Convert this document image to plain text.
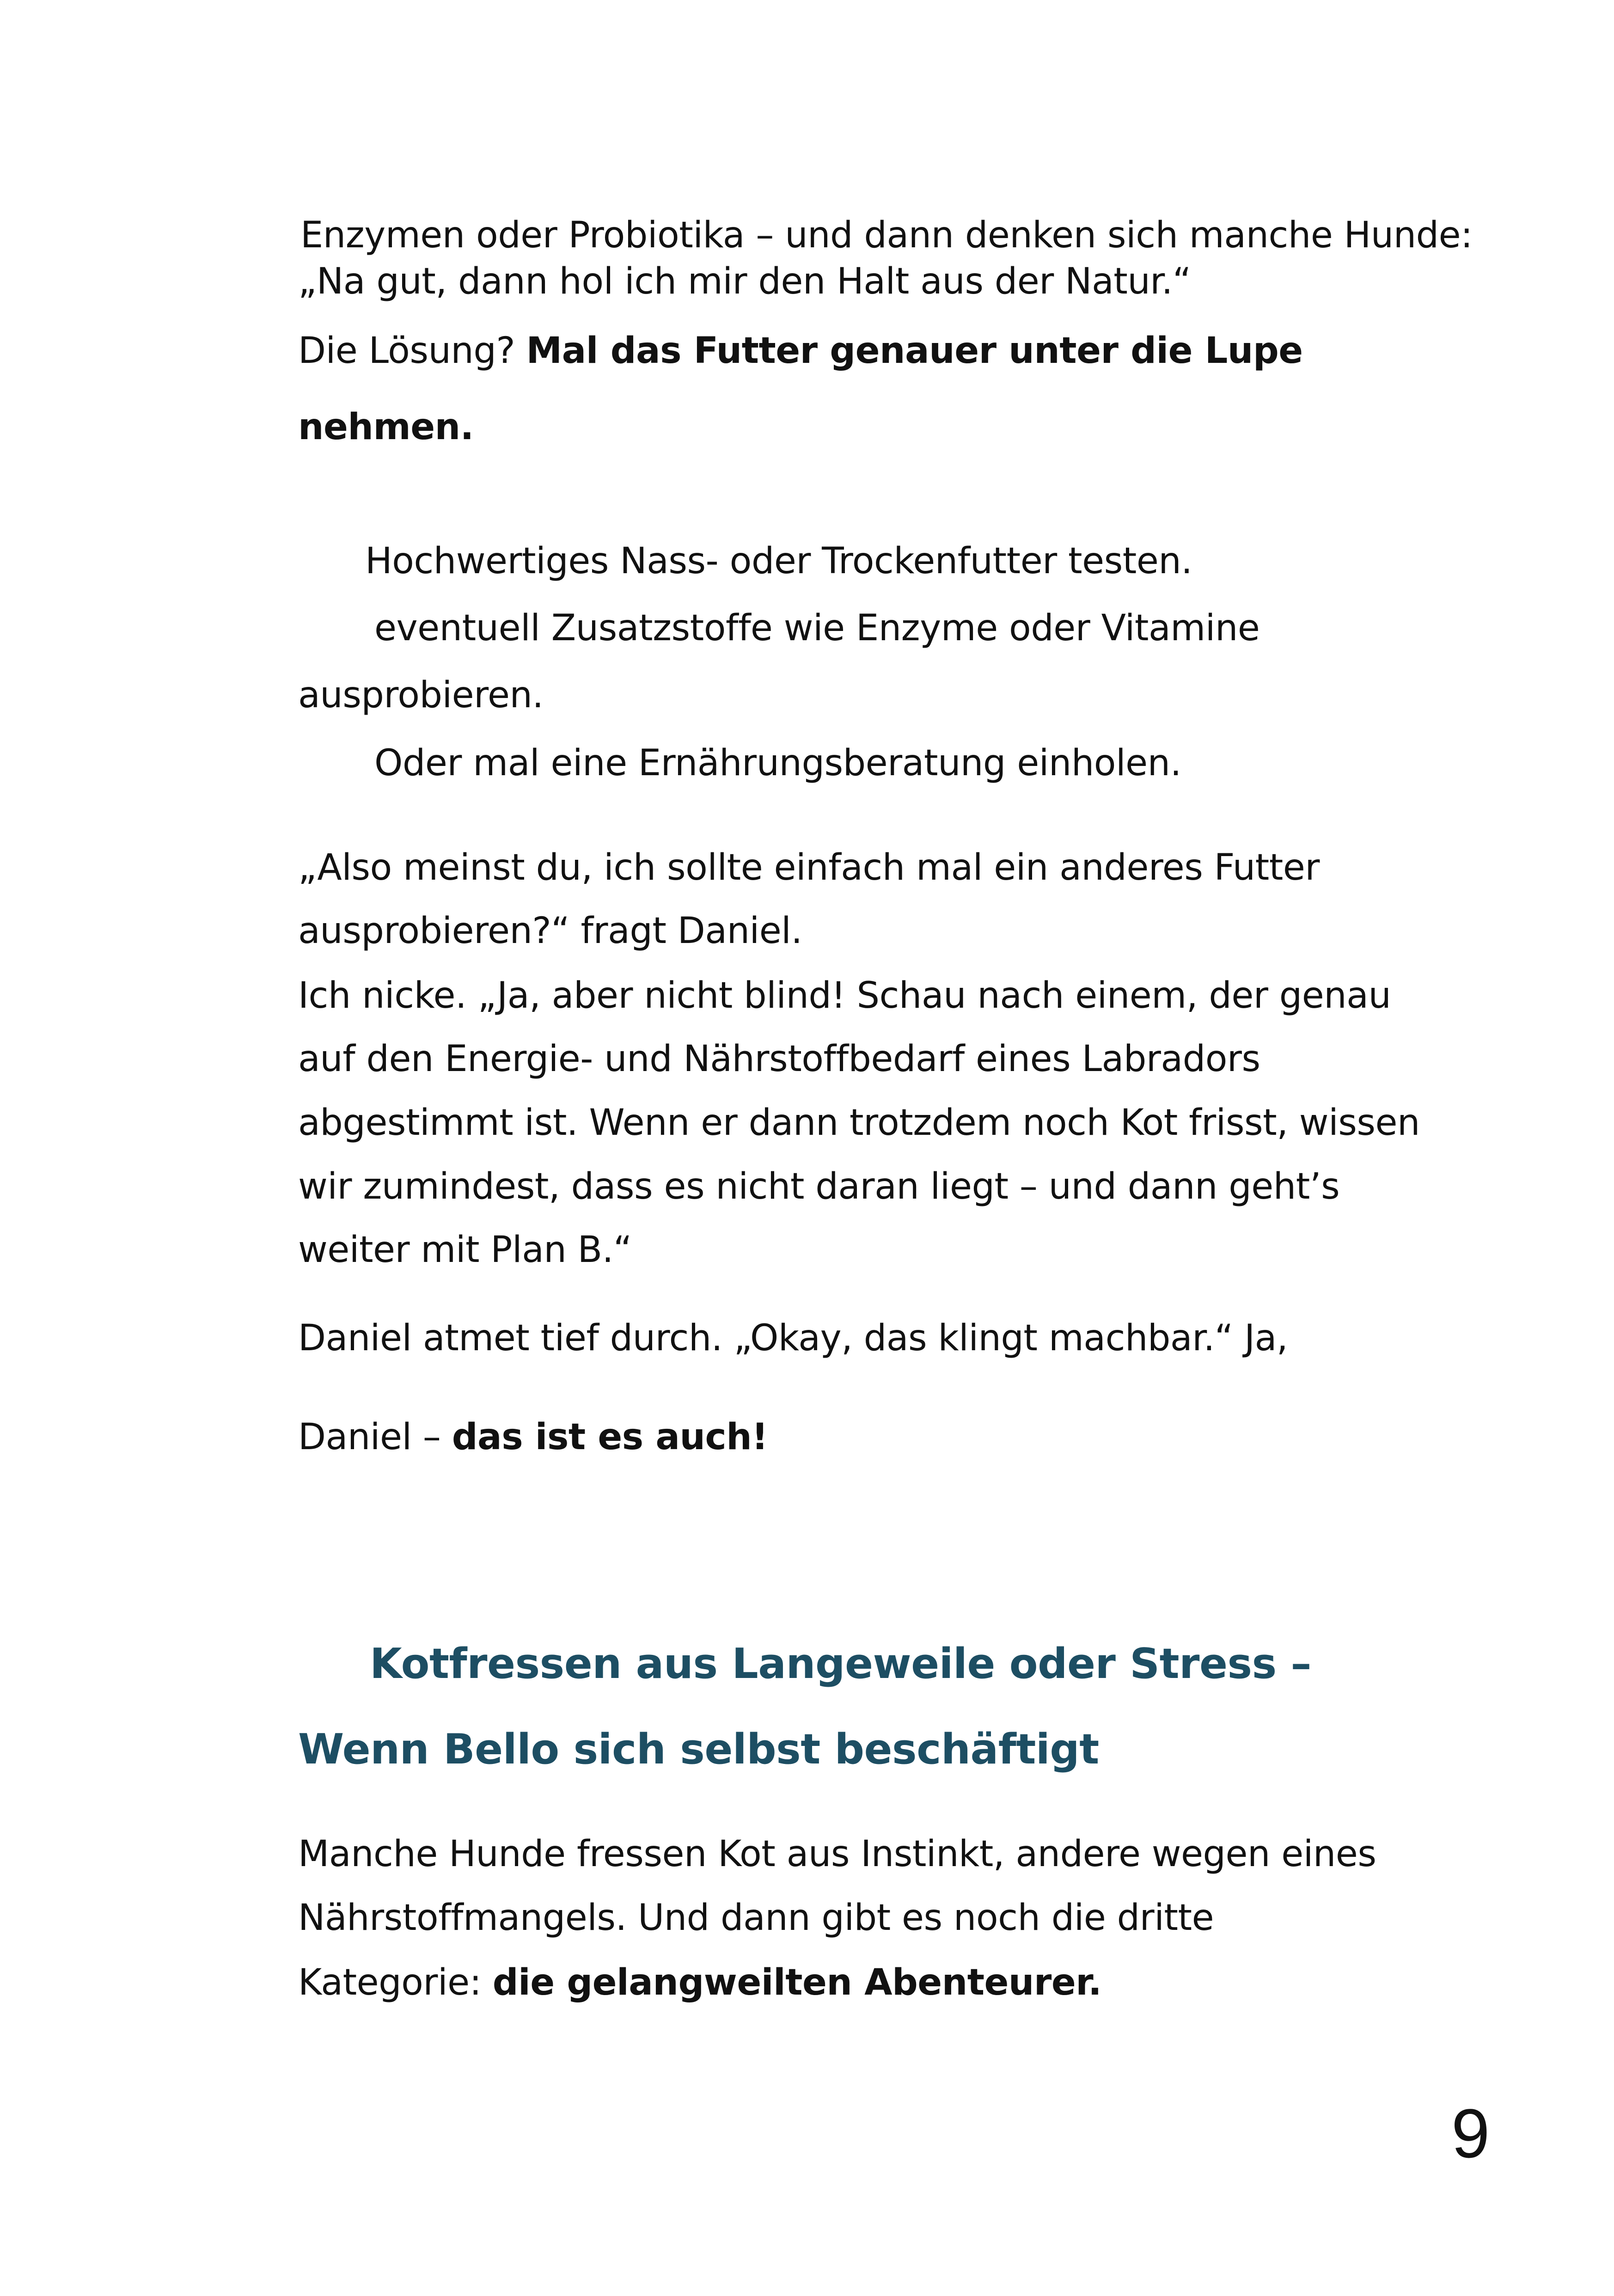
Enzymen oder Probiotika – und dann denken sich manche Hunde:
„Na gut, dann hol ich mir den Halt aus der Natur.“
Die Lösung? Mal das Futter genauer unter die Lupe
nehmen.
Hochwertiges Nass- oder Trockenfutter testen.
eventuell Zusatzstoffe wie Enzyme oder Vitamine
ausprobieren.
Oder mal eine Ernährungsberatung einholen.
„Also meinst du, ich sollte einfach mal ein anderes Futter
ausprobieren?“ fragt Daniel.
Ich nicke. „Ja, aber nicht blind! Schau nach einem, der genau
auf den Energie- und Nährstoffbedarf eines Labradors
abgestimmt ist. Wenn er dann trotzdem noch Kot frisst, wissen
wir zumindest, dass es nicht daran liegt – und dann geht’s
weiter mit Plan B.“
Daniel atmet tief durch. „Okay, das klingt machbar.“ Ja,
Daniel – das ist es auch!
Kotfressen aus Langeweile oder Stress –
Wenn Bello sich selbst beschäftigt
Manche Hunde fressen Kot aus Instinkt, andere wegen eines
Nährstoffmangels. Und dann gibt es noch die dritte
Kategorie: die gelangweilten Abenteurer.
9
